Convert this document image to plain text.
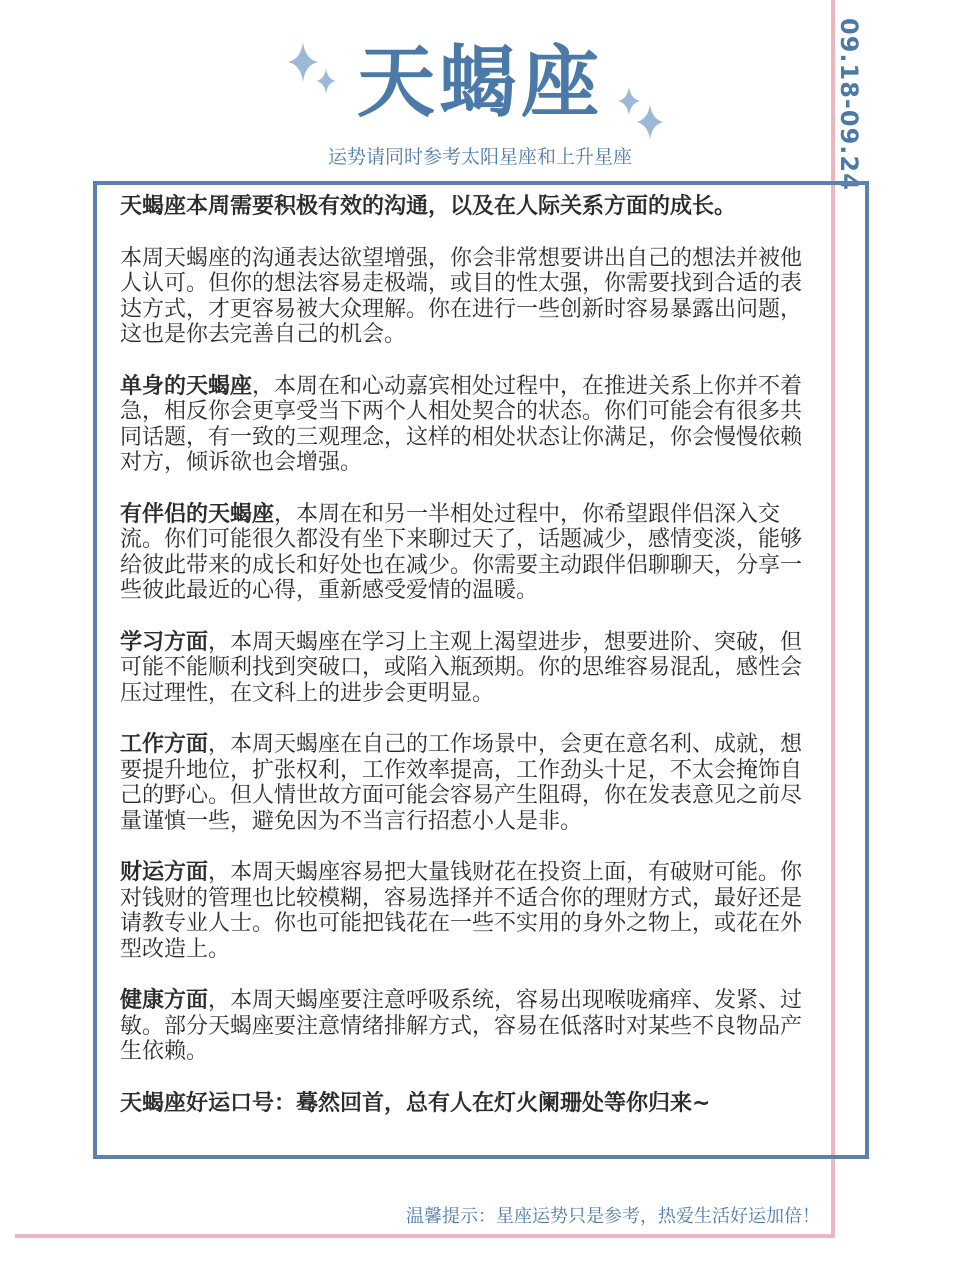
天蝎座
运势请同时参考太阳星座和上升星座	09.18-09.24

天蝎座本周需要积极有效的沟通，以及在人际关系方面的成长。

本周天蝎座的沟通表达欲望增强，你会非常想要讲出自己的想法并被他人认可。但你的想法容易走极端，或目的性太强，你需要找到合适的表达方式，才更容易被大众理解。你在进行一些创新时容易暴露出问题，这也是你去完善自己的机会。

单身的天蝎座，本周在和心动嘉宾相处过程中，在推进关系上你并不着急，相反你会更享受当下两个人相处契合的状态。你们可能会有很多共同话题，有一致的三观理念，这样的相处状态让你满足，你会慢慢依赖对方，倾诉欲也会增强。

有伴侣的天蝎座，本周在和另一半相处过程中，你希望跟伴侣深入交流。你们可能很久都没有坐下来聊过天了，话题减少，感情变淡，能够给彼此带来的成长和好处也在减少。你需要主动跟伴侣聊聊天，分享一些彼此最近的心得，重新感受爱情的温暖。

学习方面，本周天蝎座在学习上主观上渴望进步，想要进阶、突破，但可能不能顺利找到突破口，或陷入瓶颈期。你的思维容易混乱，感性会压过理性，在文科上的进步会更明显。

工作方面，本周天蝎座在自己的工作场景中，会更在意名利、成就，想要提升地位，扩张权利，工作效率提高，工作劲头十足，不太会掩饰自己的野心。但人情世故方面可能会容易产生阻碍，你在发表意见之前尽量谨慎一些，避免因为不当言行招惹小人是非。

财运方面，本周天蝎座容易把大量钱财花在投资上面，有破财可能。你对钱财的管理也比较模糊，容易选择并不适合你的理财方式，最好还是请教专业人士。你也可能把钱花在一些不实用的身外之物上，或花在外型改造上。

健康方面，本周天蝎座要注意呼吸系统，容易出现喉咙痛痒、发紧、过敏。部分天蝎座要注意情绪排解方式，容易在低落时对某些不良物品产生依赖。

天蝎座好运口号：蓦然回首，总有人在灯火阑珊处等你归来~

温馨提示：星座运势只是参考，热爱生活好运加倍！
